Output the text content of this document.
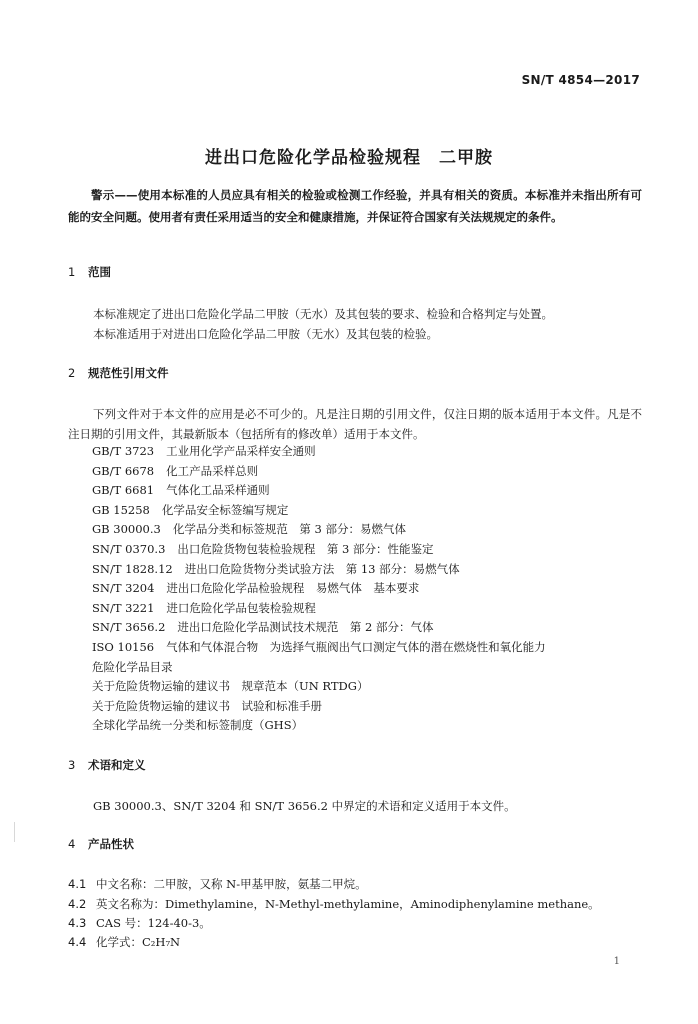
SN/T 4854—2017
进出口危险化学品检验规程　二甲胺
警示——使用本标准的人员应具有相关的检验或检测工作经验，并具有相关的资质。本标准并未指出所有可能的安全问题。使用者有责任采用适当的安全和健康措施，并保证符合国家有关法规规定的条件。
1 范围
本标准规定了进出口危险化学品二甲胺（无水）及其包装的要求、检验和合格判定与处置。
本标准适用于对进出口危险化学品二甲胺（无水）及其包装的检验。
2 规范性引用文件
下列文件对于本文件的应用是必不可少的。凡是注日期的引用文件，仅注日期的版本适用于本文件。凡是不注日期的引用文件，其最新版本（包括所有的修改单）适用于本文件。
GB/T 3723 工业用化学产品采样安全通则
GB/T 6678 化工产品采样总则
GB/T 6681 气体化工品采样通则
GB 15258 化学品安全标签编写规定
GB 30000.3 化学品分类和标签规范　第 3 部分：易燃气体
SN/T 0370.3 出口危险货物包装检验规程　第 3 部分：性能鉴定
SN/T 1828.12 进出口危险货物分类试验方法　第 13 部分：易燃气体
SN/T 3204 进出口危险化学品检验规程　易燃气体　基本要求
SN/T 3221 进口危险化学品包装检验规程
SN/T 3656.2 进出口危险化学品测试技术规范　第 2 部分：气体
ISO 10156 气体和气体混合物　为选择气瓶阀出气口测定气体的潜在燃烧性和氧化能力
危险化学品目录
关于危险货物运输的建议书　规章范本（UN RTDG）
关于危险货物运输的建议书　试验和标准手册
全球化学品统一分类和标签制度（GHS）
3 术语和定义
GB 30000.3、SN/T 3204 和 SN/T 3656.2 中界定的术语和定义适用于本文件。
4 产品性状
4.1 中文名称：二甲胺，又称 N-甲基甲胺，氨基二甲烷。
4.2 英文名称为：Dimethylamine，N-Methyl-methylamine，Aminodiphenylamine methane。
4.3 CAS 号：124-40-3。
4.4 化学式：C₂H₇N
1
